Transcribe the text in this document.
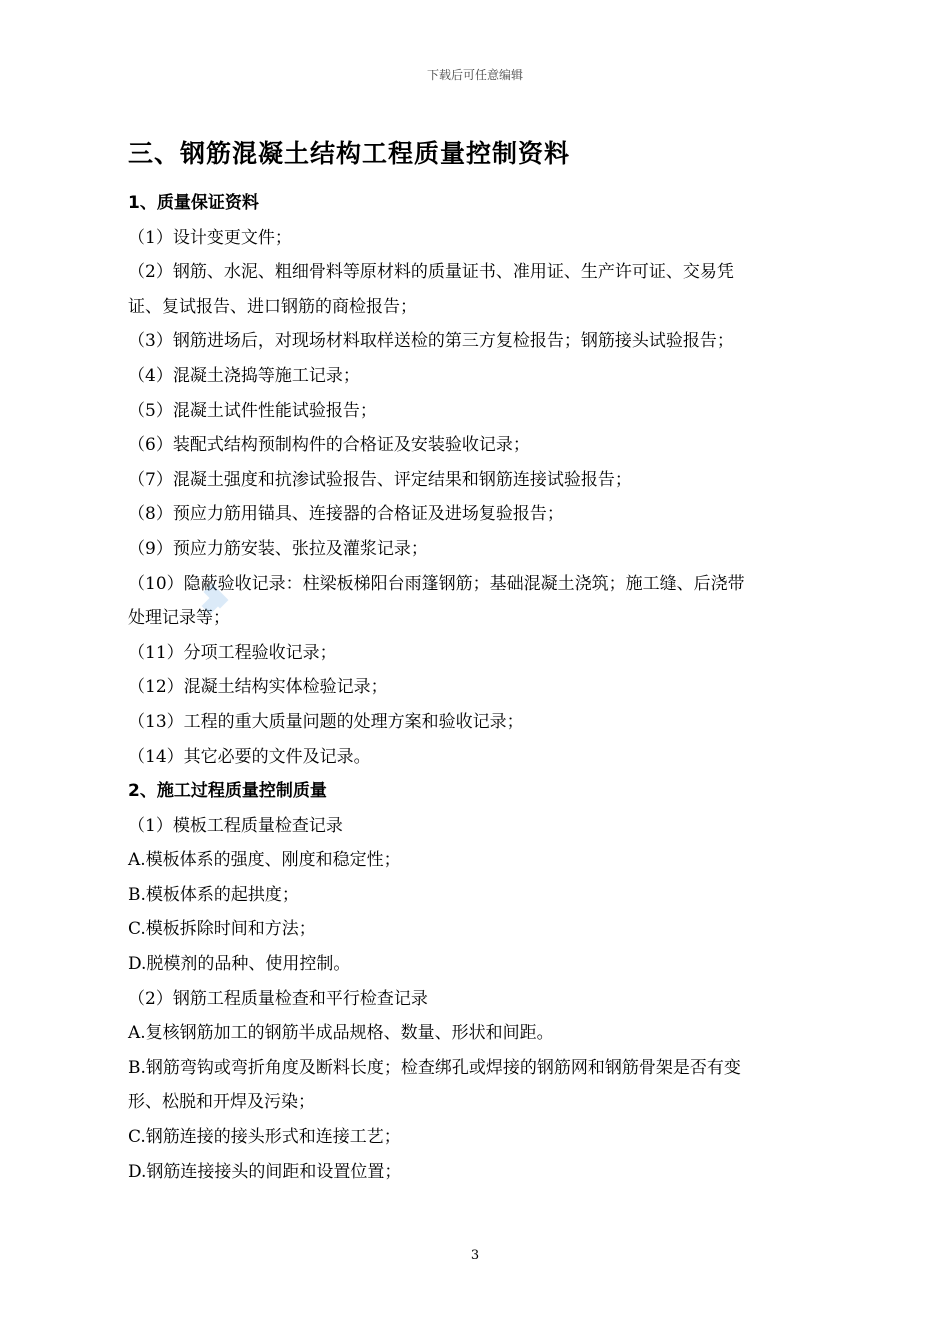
下载后可任意编辑
三、钢筋混凝土结构工程质量控制资料
1、质量保证资料
（1）设计变更文件；
（2）钢筋、水泥、粗细骨料等原材料的质量证书、准用证、生产许可证、交易凭
证、复试报告、进口钢筋的商检报告；
（3）钢筋进场后，对现场材料取样送检的第三方复检报告；钢筋接头试验报告；
（4）混凝土浇捣等施工记录；
（5）混凝土试件性能试验报告；
（6）装配式结构预制构件的合格证及安装验收记录；
（7）混凝土强度和抗渗试验报告、评定结果和钢筋连接试验报告；
（8）预应力筋用锚具、连接器的合格证及进场复验报告；
（9）预应力筋安装、张拉及灌浆记录；
（10）隐蔽验收记录：柱梁板梯阳台雨篷钢筋；基础混凝土浇筑；施工缝、后浇带
处理记录等；
（11）分项工程验收记录；
（12）混凝土结构实体检验记录；
（13）工程的重大质量问题的处理方案和验收记录；
（14）其它必要的文件及记录。
2、施工过程质量控制质量
（1）模板工程质量检查记录
A.模板体系的强度、刚度和稳定性；
B.模板体系的起拱度；
C.模板拆除时间和方法；
D.脱模剂的品种、使用控制。
（2）钢筋工程质量检查和平行检查记录
A.复核钢筋加工的钢筋半成品规格、数量、形状和间距。
B.钢筋弯钩或弯折角度及断料长度；检查绑孔或焊接的钢筋网和钢筋骨架是否有变
形、松脱和开焊及污染；
C.钢筋连接的接头形式和连接工艺；
D.钢筋连接接头的间距和设置位置；
3
